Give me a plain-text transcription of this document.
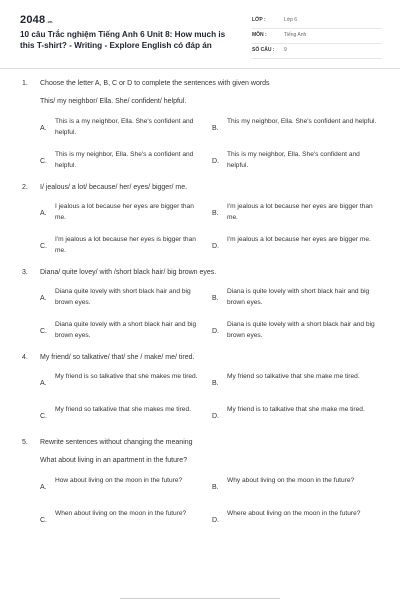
2048.vn
10 câu Trắc nghiệm Tiếng Anh 6 Unit 8: How much is this T-shirt? - Writing - Explore English có đáp án
LỚP :	Lớp 6
MÔN :	Tiếng Anh
SỐ CÂU : 9
1. Choose the letter A, B, C or D to complete the sentences with given words
This/ my neighbor/ Ella. She/ confident/ helpful.
A.
This is a my neighbor, Ella. She's confident and helpful.
B.
This my neighbor, Ella. She's confident and helpful.
C.
This is my neighbor, Ella. She's a confident and helpful.
D.
This is my neighbor, Ella. She's confident and helpful.
2. I/ jealous/ a lot/ because/ her/ eyes/ bigger/ me.
A.
I jealous a lot because her eyes are bigger than me.
B.
I'm jealous a lot because her eyes are bigger than me.
C.
I'm jealous a lot because her eyes is bigger than me.
D.
I'm jealous a lot because her eyes are bigger me.
3. Diana/ quite lovey/ with /short black hair/ big brown eyes.
A.
Diana quite lovely with short black hair and big brown eyes.
B.
Diana is quite lovely with short black hair and big brown eyes.
C.
Diana quite lovely with a short black hair and big brown eyes.
D.
Diana is quite lovely with a short black hair and big brown eyes.
4. My friend/ so talkative/ that/ she / make/ me/ tired.
A.
My friend is so talkative that she makes me tired.
B.
My friend so talkative that she make me tired.
C.
My friend so talkative that she makes me tired.
D.
My friend is to talkative that she make me tired.
5. Rewrite sentences without changing the meaning
What about living in an apartment in the future?
A.
How about living on the moon in the future?
B.
Why about living on the moon in the future?
C.
When about living on the moon in the future?
D.
Where about living on the moon in the future?
